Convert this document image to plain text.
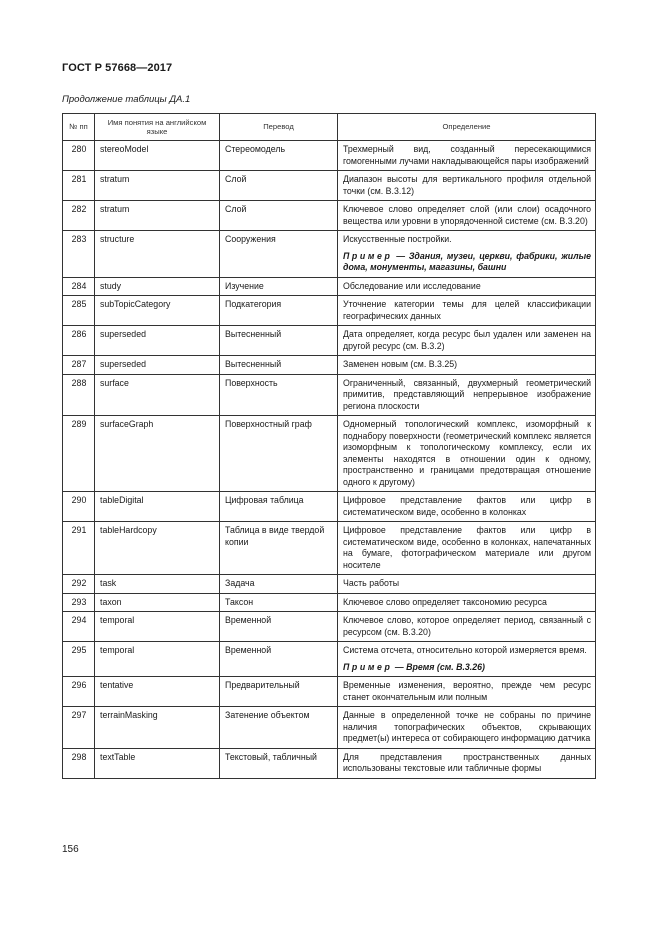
ГОСТ Р 57668—2017
Продолжение таблицы ДА.1
№ пп	Имя понятия на английском языке	Перевод	Определение
280	stereoModel	Стереомодель	Трехмерный вид, созданный пересекающимися гомогенными лучами накладывающейся пары изображений
281	stratum	Слой	Диапазон высоты для вертикального профиля отдельной точки (см. B.3.12)
282	stratum	Слой	Ключевое слово определяет слой (или слои) осадочного вещества или уровни в упорядоченной системе (см. B.3.20)
283	structure	Сооружения	Искусственные постройки.
Пример — Здания, музеи, церкви, фабрики, жилые дома, монументы, магазины, башни

284	study	Изучение	Обследование или исследование
285	subTopicCategory	Подкатегория	Уточнение категории темы для целей классификации географических данных
286	superseded	Вытесненный	Дата определяет, когда ресурс был удален или заменен на другой ресурс (см. B.3.2)
287	superseded	Вытесненный	Заменен новым (см. B.3.25)
288	surface	Поверхность	Ограниченный, связанный, двухмерный геометрический примитив, представляющий непрерывное изображение региона плоскости
289	surfaceGraph	Поверхностный граф	Одномерный топологический комплекс, изоморфный к поднабору поверхности (геометрический комплекс является изоморфным к топологическому комплексу, если их элементы находятся в отношении один к одному, пространственно и границами предотвращая отношение одного к другому)
290	tableDigital	Цифровая таблица	Цифровое представление фактов или цифр в систематическом виде, особенно в колонках
291	tableHardcopy	Таблица в виде твердой копии	Цифровое представление фактов или цифр в систематическом виде, особенно в колонках, напечатанных на бумаге, фотографическом материале или другом носителе
292	task	Задача	Часть работы
293	taxon	Таксон	Ключевое слово определяет таксономию ресурса
294	temporal	Временной	Ключевое слово, которое определяет период, связанный с ресурсом (см. B.3.20)
295	temporal	Временной	Система отсчета, относительно которой измеряется время.
Пример — Время (см. B.3.26)

296	tentative	Предварительный	Временные изменения, вероятно, прежде чем ресурс станет окончательным или полным
297	terrainMasking	Затенение объектом	Данные в определенной точке не собраны по причине наличия топографических объектов, скрывающих предмет(ы) интереса от собирающего информацию датчика
298	textTable	Текстовый, табличный	Для представления пространственных данных использованы текстовые или табличные формы
156
